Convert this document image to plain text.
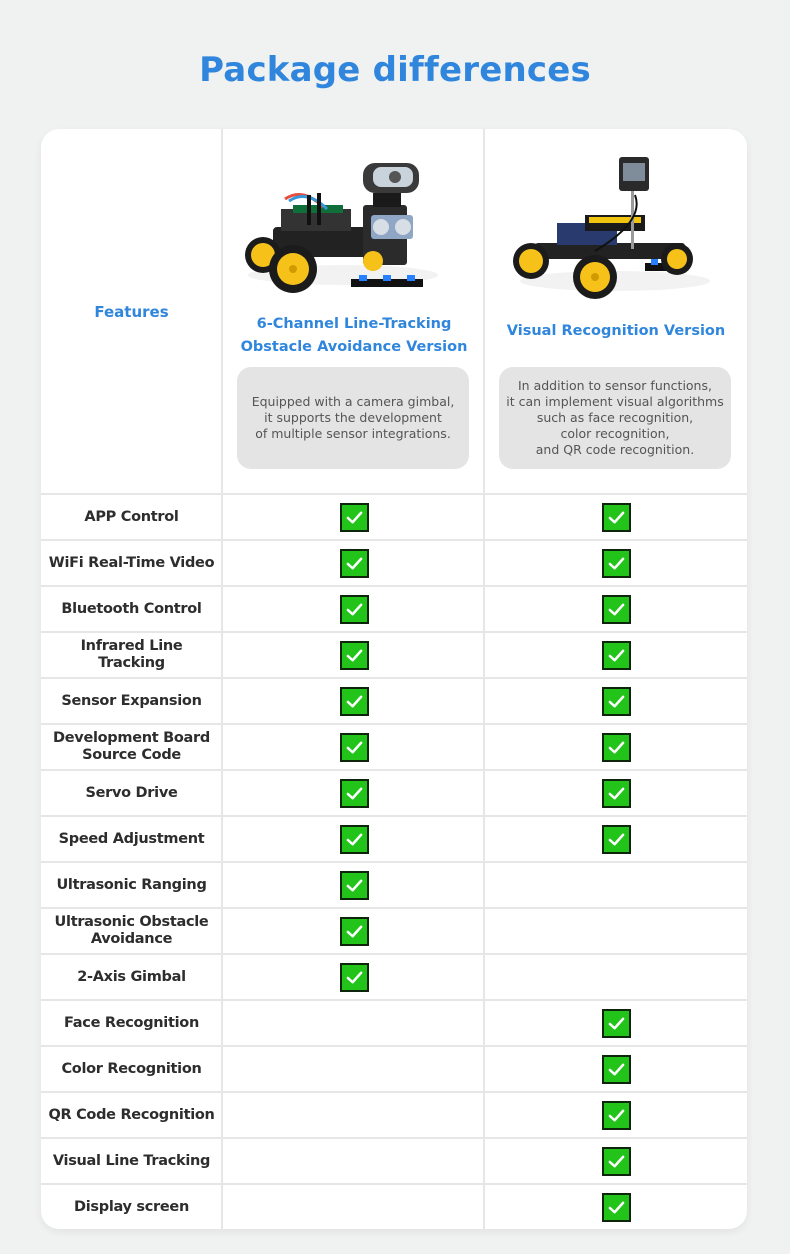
Package differences
Features
6-Channel Line-Tracking
Obstacle Avoidance Version
Equipped with a camera gimbal,
it supports the development
of multiple sensor integrations.
Visual Recognition Version
In addition to sensor functions,
it can implement visual algorithms
such as face recognition,
color recognition,
and QR code recognition.
APP Control
WiFi Real-Time Video
Bluetooth Control
Infrared Line Tracking
Sensor Expansion
Development Board Source Code
Servo Drive
Speed Adjustment
Ultrasonic Ranging
Ultrasonic Obstacle Avoidance
2-Axis Gimbal
Face Recognition
Color Recognition
QR Code Recognition
Visual Line Tracking
Display screen
